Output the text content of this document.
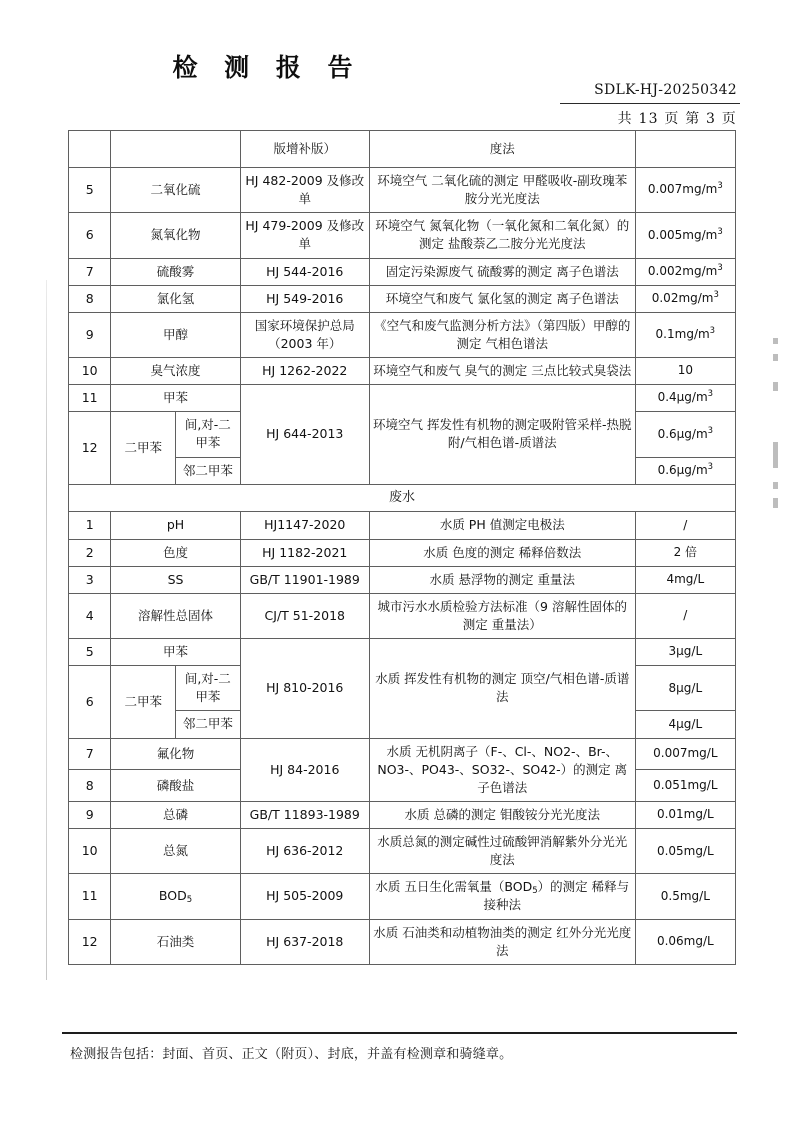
检 测 报 告
SDLK-HJ-20250342
共 13 页 第 3 页
			版增补版）	度法	
5	二氧化硫		HJ 482-2009 及修改单	环境空气 二氧化硫的测定 甲醛吸收-副玫瑰苯胺分光光度法	$0.007mg/m^3$
6	氮氧化物		HJ 479-2009 及修改单	环境空气 氮氧化物（一氧化氮和二氧化氮）的测定 盐酸萘乙二胺分光光度法	$0.005mg/m^3$
7	硫酸雾		HJ 544-2016	固定污染源废气 硫酸雾的测定 离子色谱法	$0.002mg/m^3$
8	氯化氢		HJ 549-2016	环境空气和废气 氯化氢的测定 离子色谱法	$0.02mg/m^3$
9	甲醇		国家环境保护总局 （2003 年）	《空气和废气监测分析方法》（第四版）甲醇的测定 气相色谱法	$0.1mg/m^3$
10	臭气浓度		HJ 1262-2022	环境空气和废气 臭气的测定 三点比较式臭袋法	10
11	甲苯		HJ 644-2013	环境空气 挥发性有机物的测定吸附管采样-热脱附/气相色谱-质谱法	$0.4\mu g/m^3$
12	二甲苯	间,对-二甲苯			$0.6\mu g/m^3$
		邻二甲苯			$0.6\mu g/m^3$
废水					
1	pH		HJ1147-2020	水质 PH 值测定电极法	/
2	色度		HJ 1182-2021	水质 色度的测定 稀释倍数法	2 倍
3	SS		GB/T 11901-1989	水质 悬浮物的测定 重量法	4mg/L
4	溶解性总固体		CJ/T 51-2018	城市污水水质检验方法标准（9 溶解性固体的测定 重量法）	/
5	甲苯		HJ 810-2016	水质 挥发性有机物的测定 顶空/气相色谱-质谱法	3μg/L
6	二甲苯	间,对-二甲苯			8μg/L
		邻二甲苯			4μg/L
7	氟化物		HJ 84-2016	水质 无机阴离子（F-、Cl-、NO2-、Br-、NO3-、PO43-、SO32-、SO42-）的测定 离子色谱法	0.007mg/L
8	磷酸盐				0.051mg/L
9	总磷		GB/T 11893-1989	水质 总磷的测定 钼酸铵分光光度法	0.01mg/L
10	总氮		HJ 636-2012	水质总氮的测定碱性过硫酸钾消解紫外分光光度法	0.05mg/L
11	$BOD_5$		HJ 505-2009	水质 五日生化需氧量$(BOD_5)$的测定 稀释与接种法	0.5mg/L
12	石油类		HJ 637-2018	水质 石油类和动植物油类的测定 红外分光光度法	0.06mg/L
检测报告包括：封面、首页、正文（附页）、封底，并盖有检测章和骑缝章。
